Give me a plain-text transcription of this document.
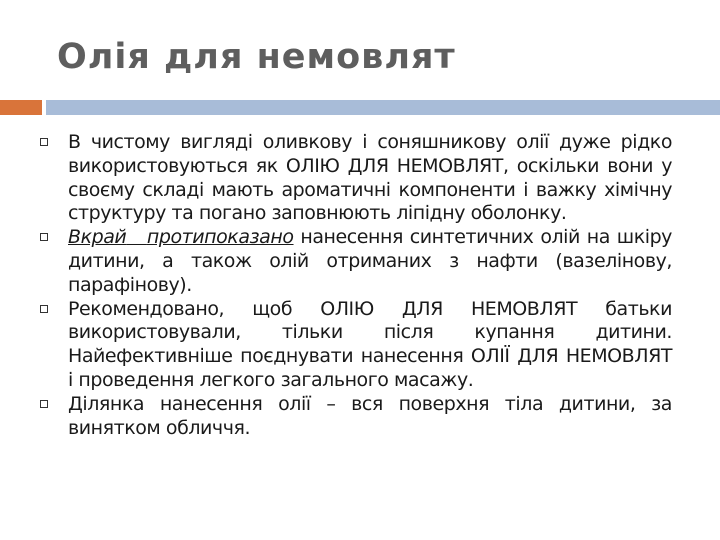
Олія для немовлят
В чистому вигляді оливкову і соняшникову олії дуже рідко використовуються як ОЛІЮ ДЛЯ НЕМОВЛЯТ, оскільки вони у своєму складі мають ароматичні компоненти і важку хімічну структуру та погано заповнюють ліпідну оболонку.
Вкрай протипоказано нанесення синтетичних олій на шкіру дитини, а також олій отриманих з нафти (вазелінову, парафінову).
Рекомендовано, щоб ОЛІЮ ДЛЯ НЕМОВЛЯТ батьки використовували, тільки після купання дитини. Найефективніше поєднувати нанесення ОЛІЇ ДЛЯ НЕМОВЛЯТ і проведення легкого загального масажу.
Ділянка нанесення олії – вся поверхня тіла дитини, за винятком обличчя.
